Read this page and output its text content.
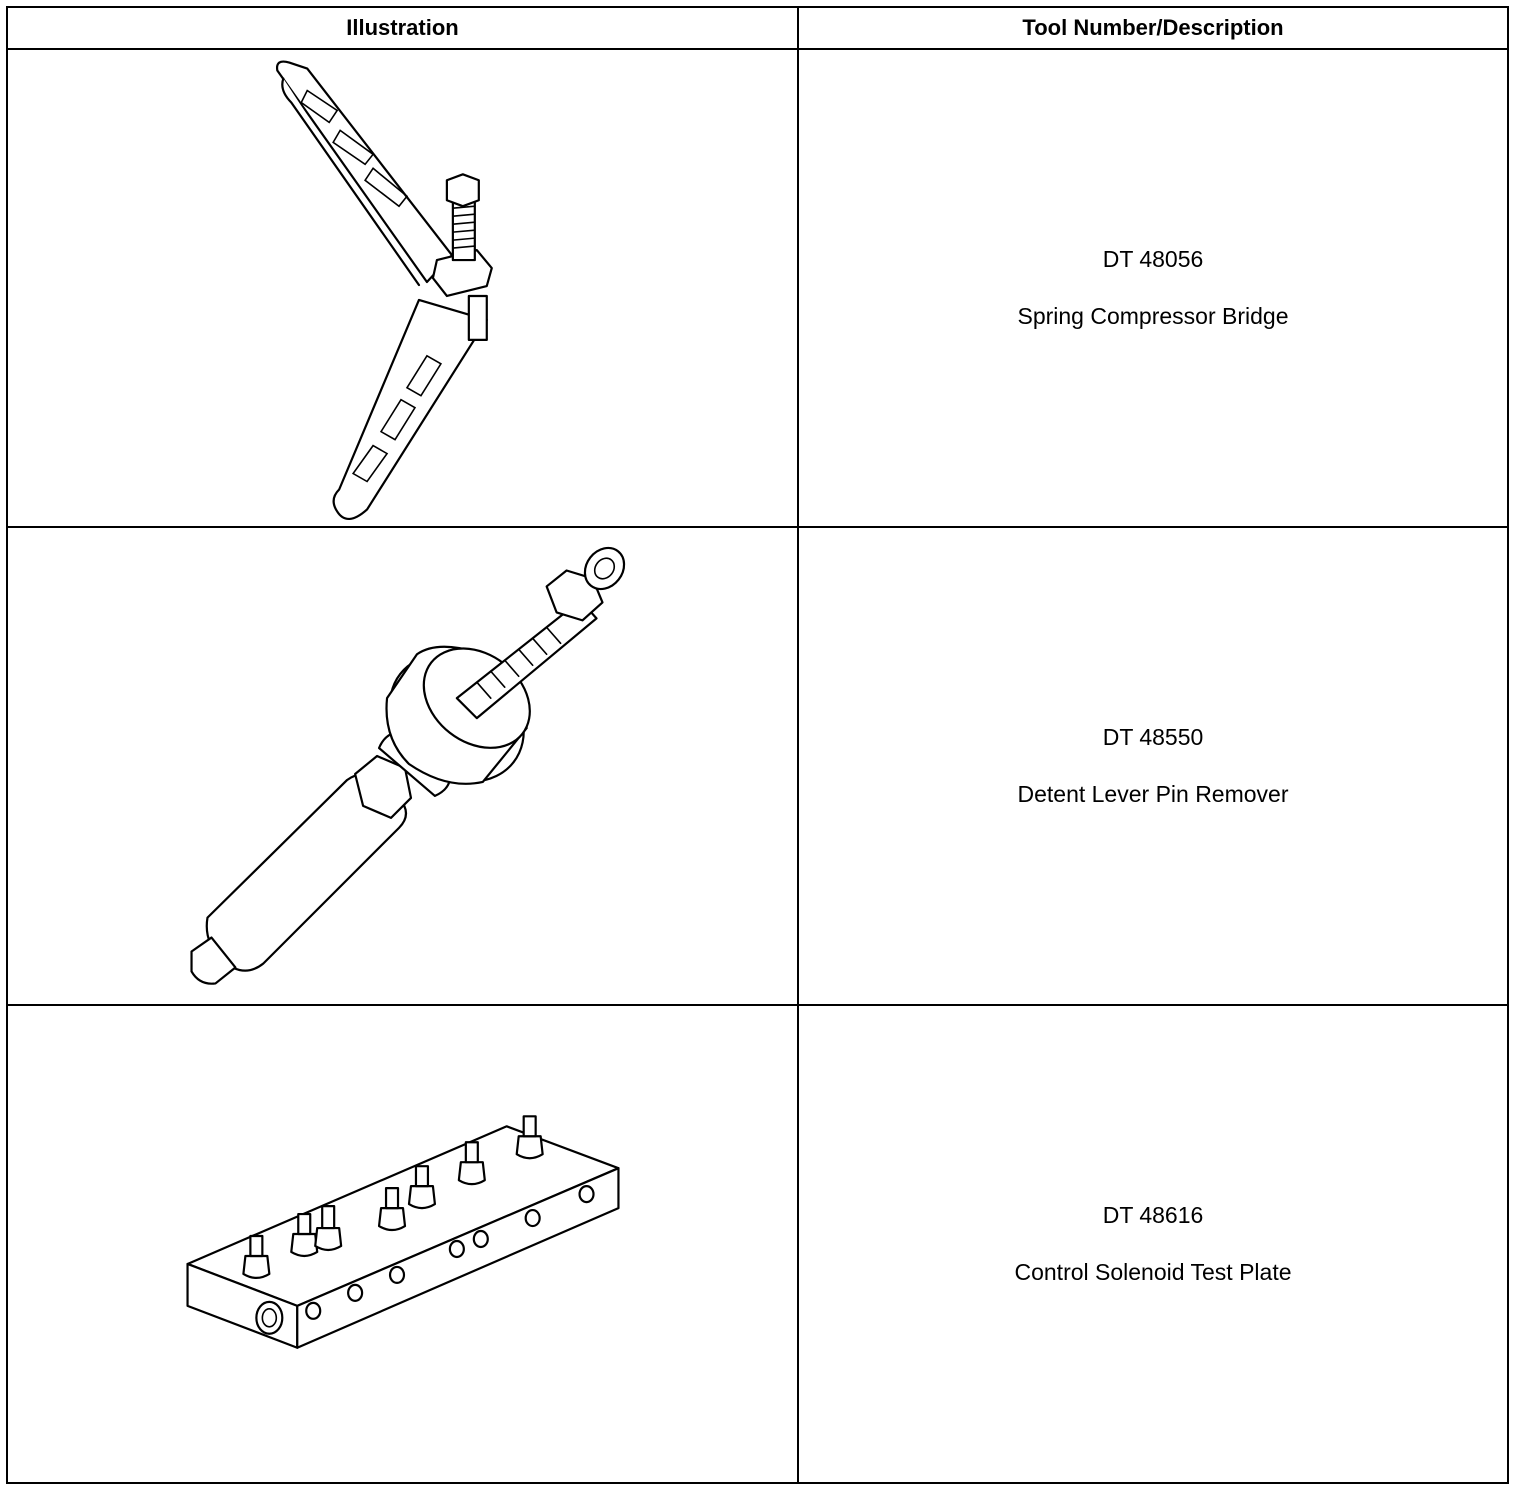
Illustration	Tool Number/Description

DT 48056
Spring Compressor Bridge

DT 48550
Detent Lever Pin Remover

DT 48616
Control Solenoid Test Plate
